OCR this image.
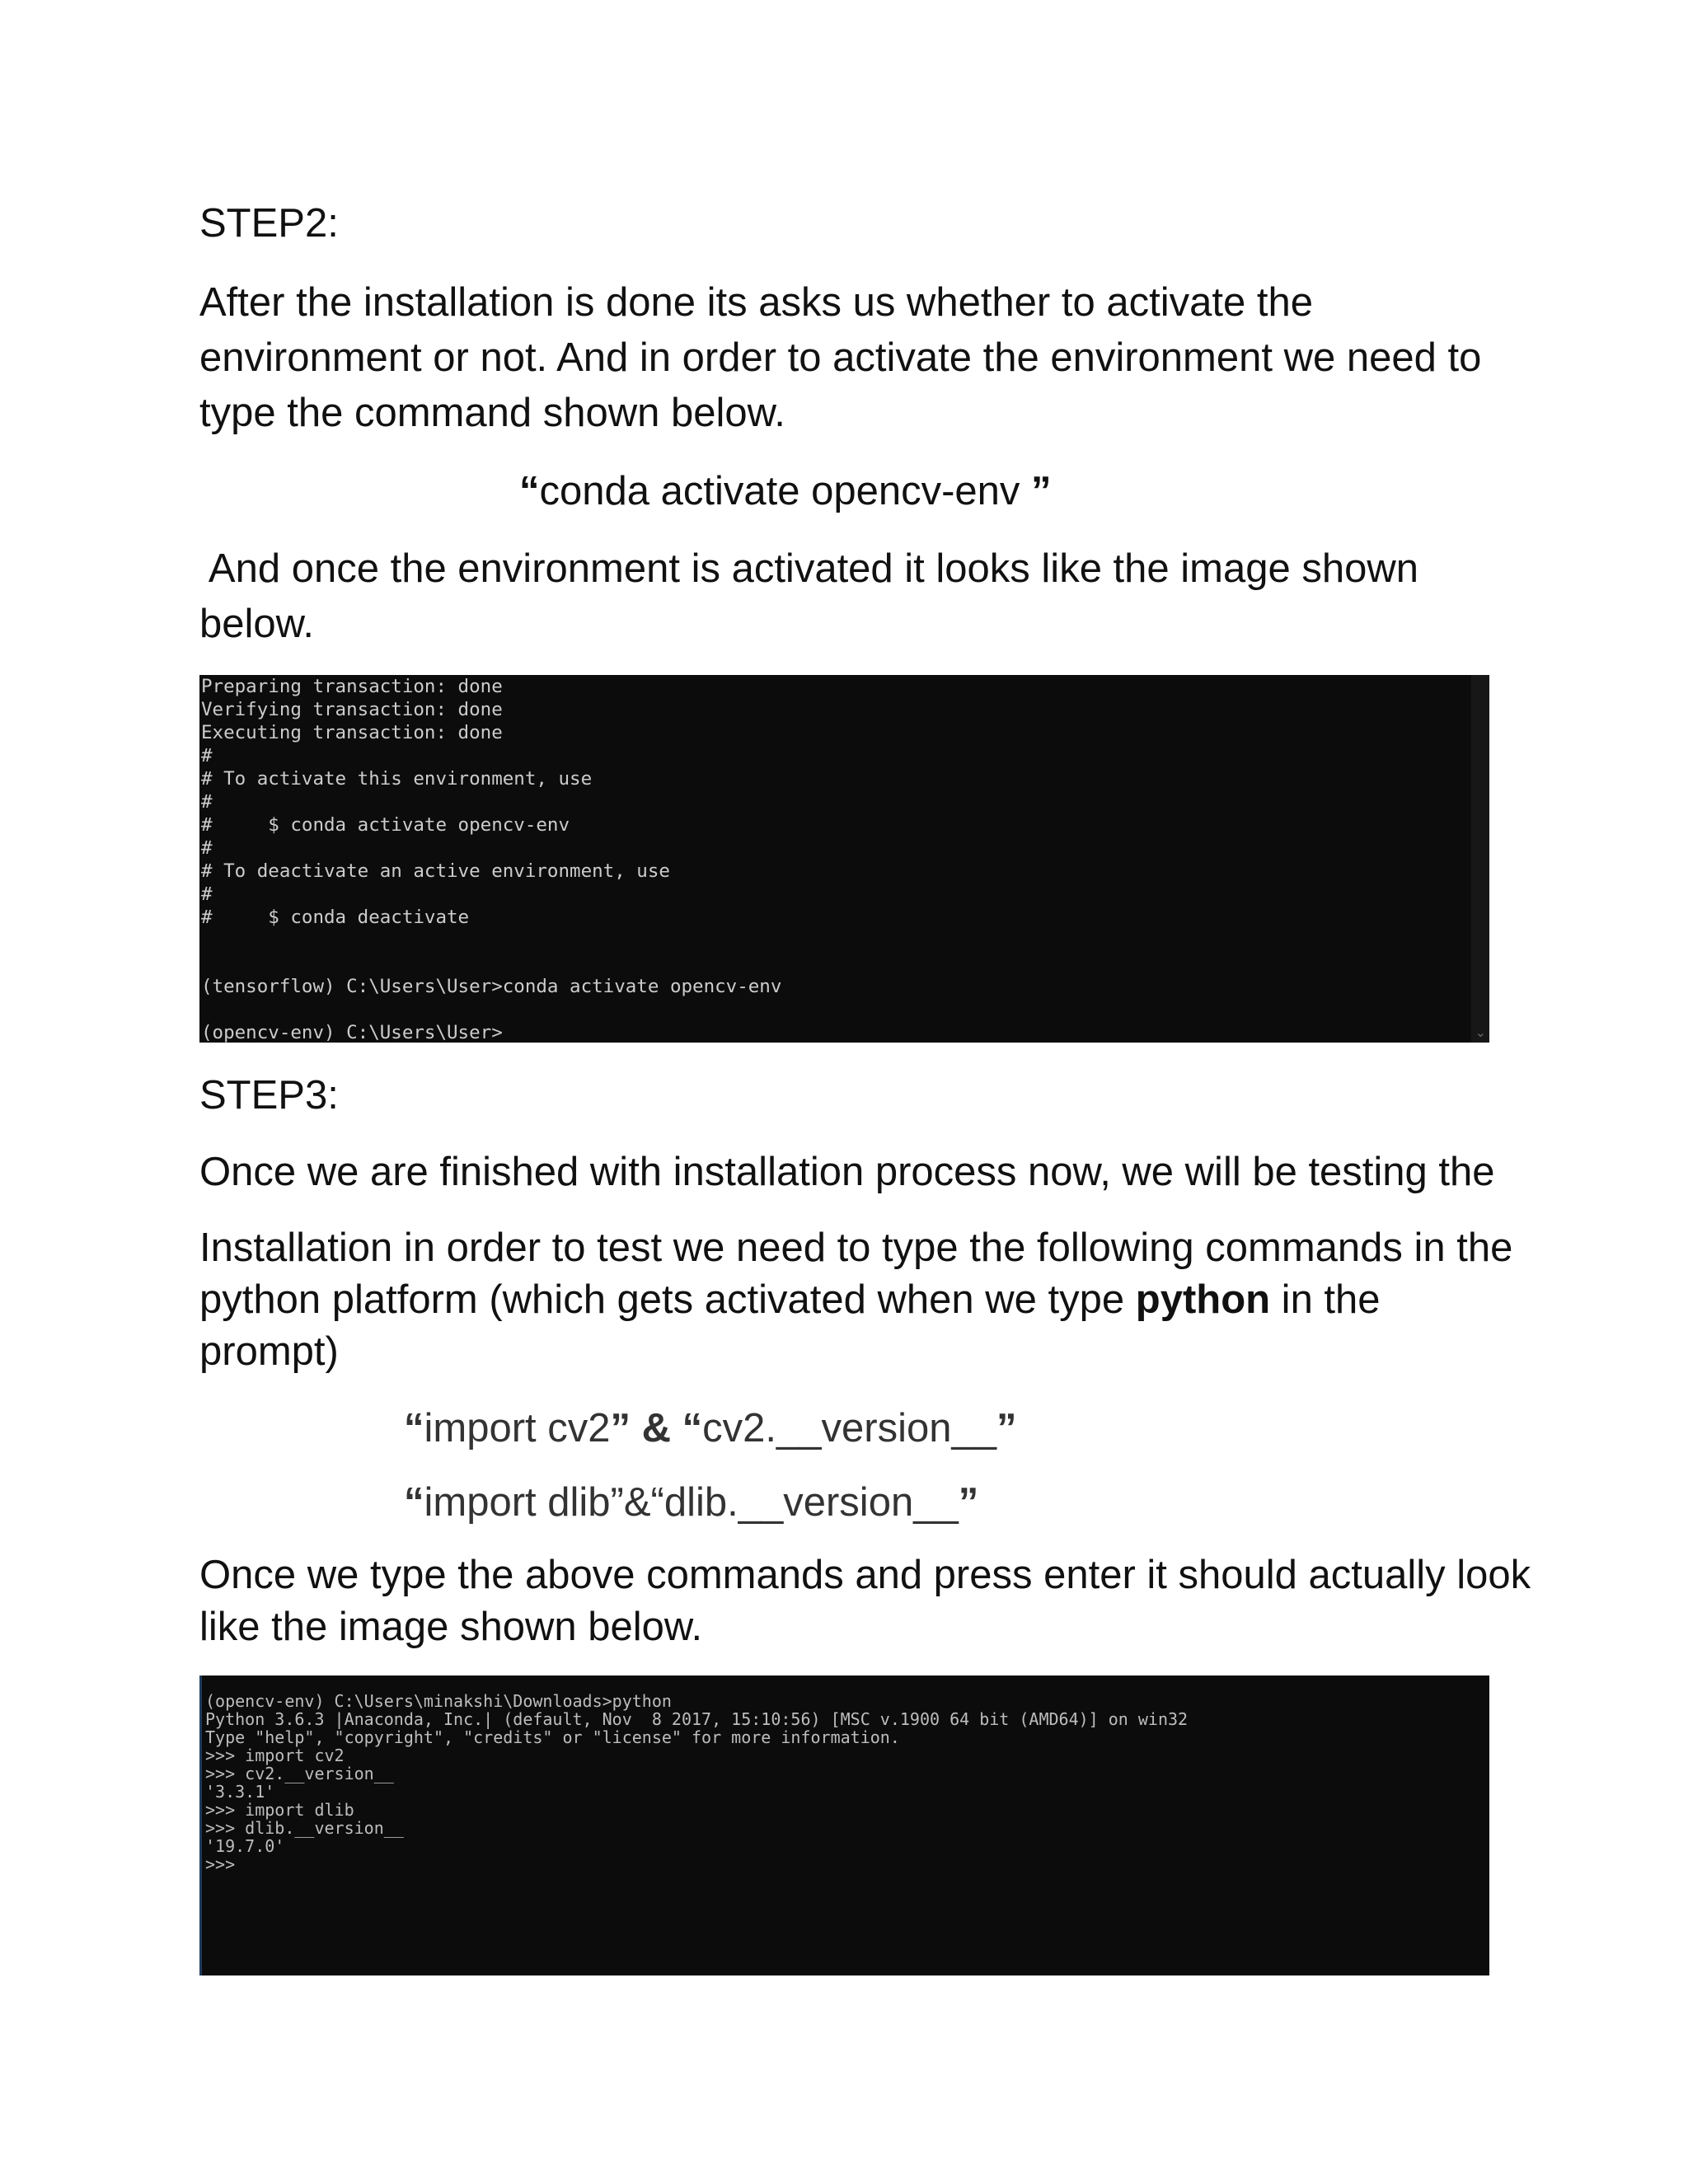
STEP2:

After the installation is done its asks us whether to activate the
environment or not. And in order to activate the environment we need to
type the command shown below.

“conda activate opencv-env ”

And once the environment is activated it looks like the image shown
below.

Preparing transaction: done
Verifying transaction: done
Executing transaction: done
#
# To activate this environment, use
#
#     $ conda activate opencv-env
#
# To deactivate an active environment, use
#
#     $ conda deactivate
(tensorflow) C:\Users\User>conda activate opencv-env
(opencv-env) C:\Users\User>	⌄

STEP3:

Once we are finished with installation process now, we will be testing the

Installation in order to test we need to type the following commands in the
python platform (which gets activated when we type python in the
prompt)

“import cv2” & “cv2.__version__”
“import dlib”&“dlib.__version__”

Once we type the above commands and press enter it should actually look
like the image shown below.

(opencv-env) C:\Users\minakshi\Downloads>python
Python 3.6.3 |Anaconda, Inc.| (default, Nov  8 2017, 15:10:56) [MSC v.1900 64 bit (AMD64)] on win32
Type "help", "copyright", "credits" or "license" for more information.
>>> import cv2
>>> cv2.__version__
'3.3.1'
>>> import dlib
>>> dlib.__version__
'19.7.0'
>>>
